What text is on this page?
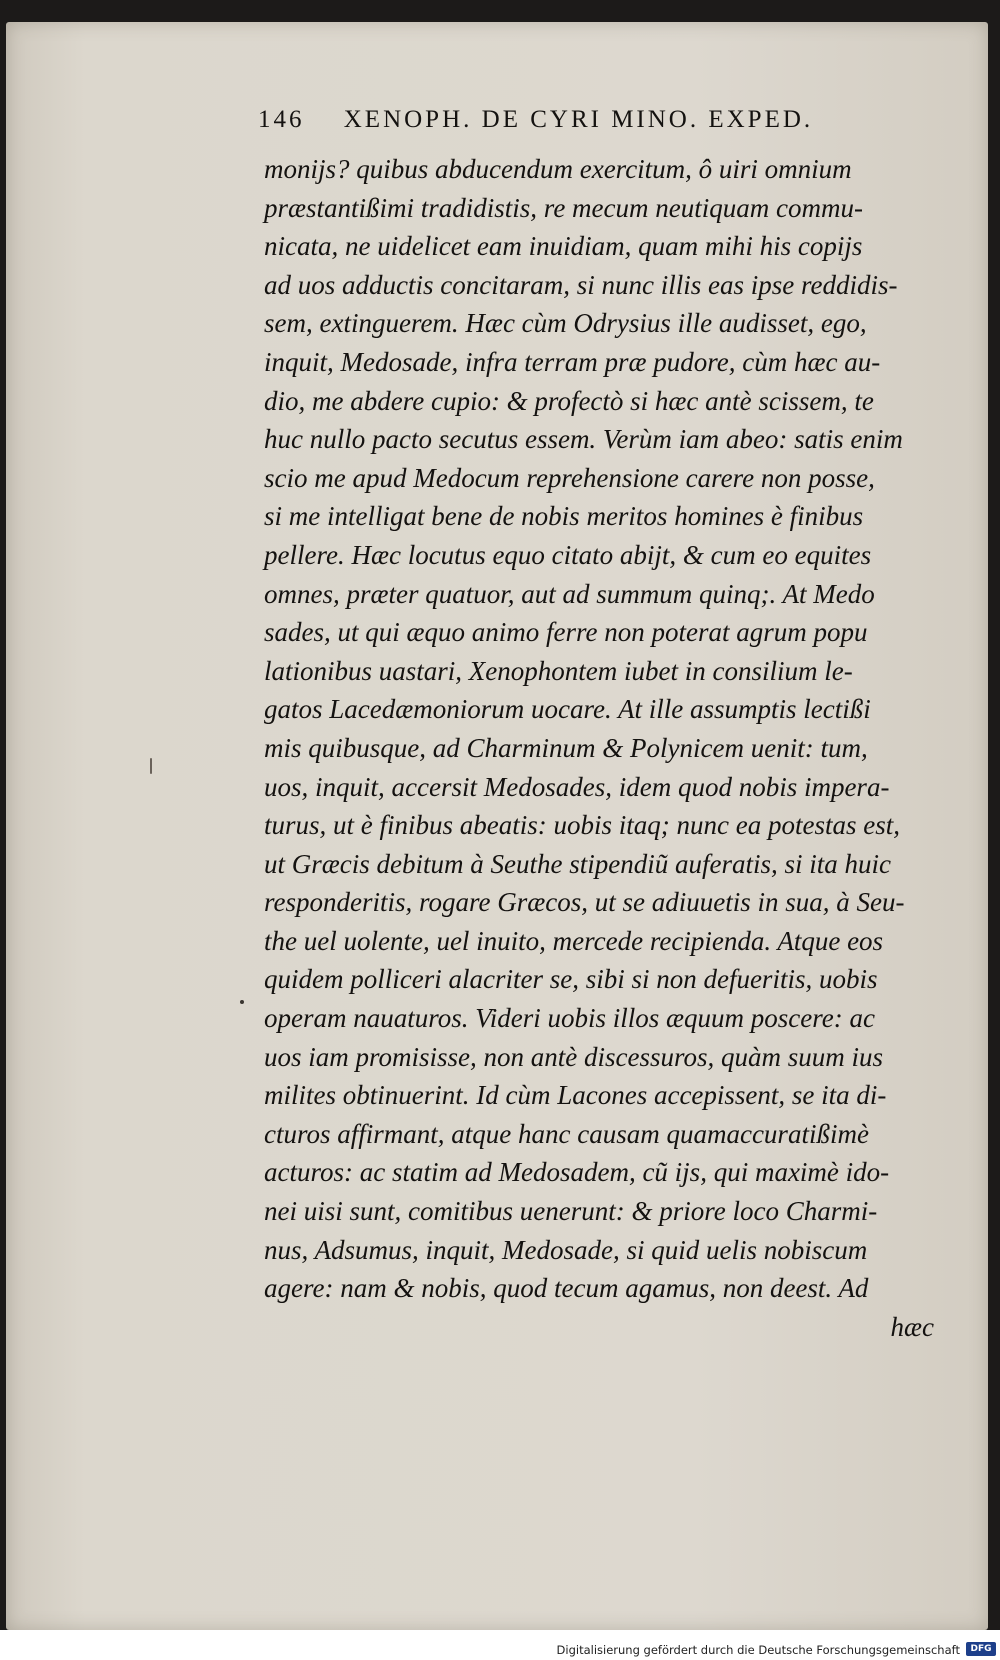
146 XENOPH. DE CYRI MINO. EXPED.
monijs? quibus abducendum exercitum, ô uiri omnium
præstantißimi tradidistis, re mecum neutiquam commu-
nicata, ne uidelicet eam inuidiam, quam mihi his copijs
ad uos adductis concitaram, si nunc illis eas ipse reddidis-
sem, extinguerem. Hæc cùm Odrysius ille audisset, ego,
inquit, Medosade, infra terram præ pudore, cùm hæc au-
dio, me abdere cupio: & profectò si hæc antè scissem, te
huc nullo pacto secutus essem. Verùm iam abeo: satis enim
scio me apud Medocum reprehensione carere non posse,
si me intelligat bene de nobis meritos homines è finibus
pellere. Hæc locutus equo citato abijt, & cum eo equites
omnes, præter quatuor, aut ad summum quinq;. At Medo
sades, ut qui æquo animo ferre non poterat agrum popu
lationibus uastari, Xenophontem iubet in consilium le-
gatos Lacedæmoniorum uocare. At ille assumptis lectißi
mis quibusque, ad Charminum & Polynicem uenit: tum,
uos, inquit, accersit Medosades, idem quod nobis impera-
turus, ut è finibus abeatis: uobis itaq; nunc ea potestas est,
ut Græcis debitum à Seuthe stipendiũ auferatis, si ita huic
responderitis, rogare Græcos, ut se adiuuetis in sua, à Seu-
the uel uolente, uel inuito, mercede recipienda. Atque eos
quidem polliceri alacriter se, sibi si non defueritis, uobis
operam nauaturos. Videri uobis illos æquum poscere: ac
uos iam promisisse, non antè discessuros, quàm suum ius
milites obtinuerint. Id cùm Lacones accepissent, se ita di-
cturos affirmant, atque hanc causam quamaccuratißimè
acturos: ac statim ad Medosadem, cũ ijs, qui maximè ido-
nei uisi sunt, comitibus uenerunt: & priore loco Charmi-
nus, Adsumus, inquit, Medosade, si quid uelis nobiscum
agere: nam & nobis, quod tecum agamus, non deest. Ad
hæc
Digitalisierung gefördert durch die Deutsche Forschungsgemeinschaft	DFG
